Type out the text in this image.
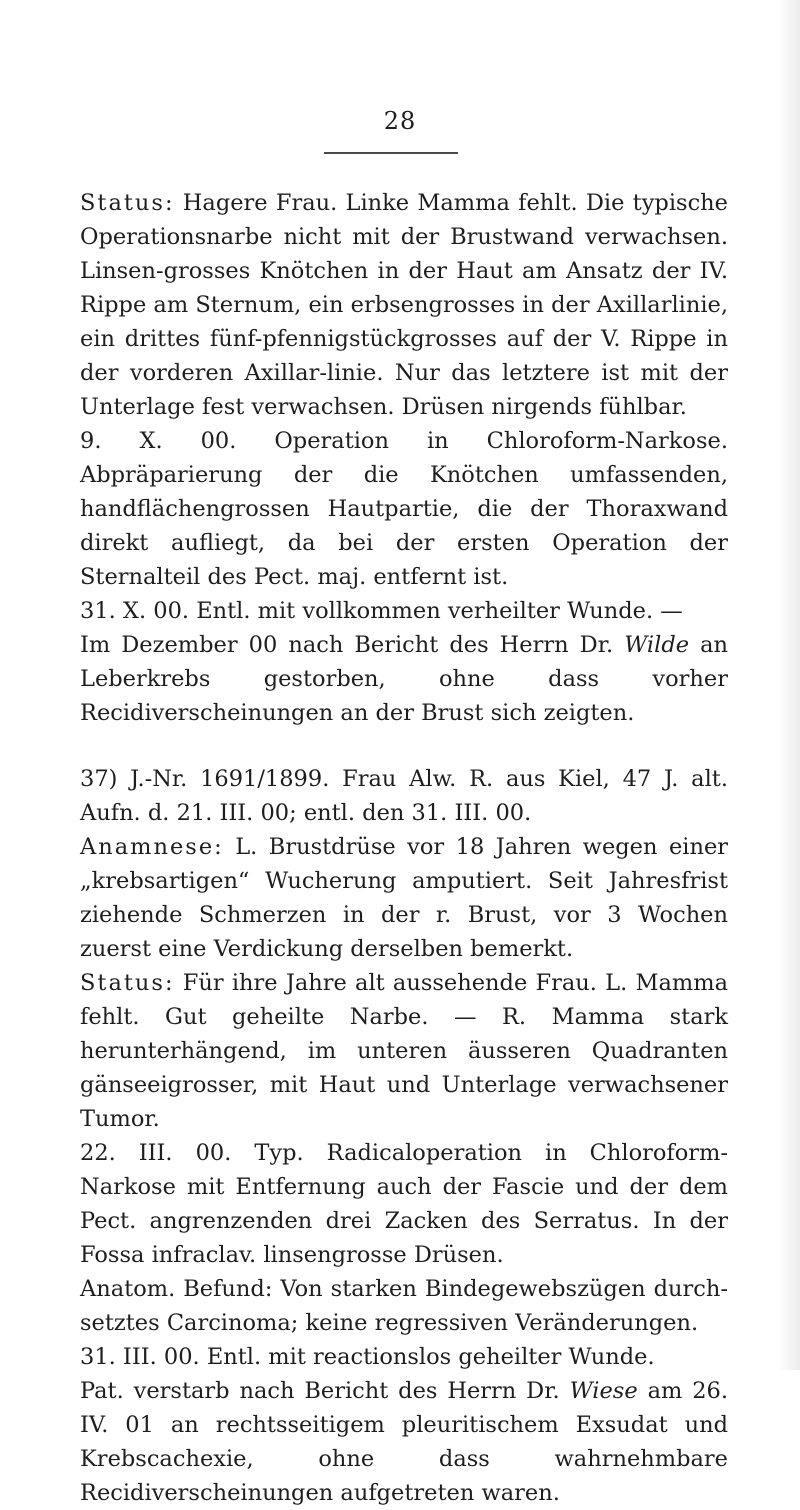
28

Status: Hagere Frau. Linke Mamma fehlt. Die typische Operationsnarbe nicht mit der Brustwand verwachsen. Linsen-grosses Knötchen in der Haut am Ansatz der IV. Rippe am Sternum, ein erbsengrosses in der Axillarlinie, ein drittes fünf-pfennigstückgrosses auf der V. Rippe in der vorderen Axillar-linie. Nur das letztere ist mit der Unterlage fest verwachsen. Drüsen nirgends fühlbar.

9. X. 00. Operation in Chloroform-Narkose. Abpräparierung der die Knötchen umfassenden, handflächengrossen Hautpartie, die der Thoraxwand direkt aufliegt, da bei der ersten Operation der Sternalteil des Pect. maj. entfernt ist.

31. X. 00. Entl. mit vollkommen verheilter Wunde. —

Im Dezember 00 nach Bericht des Herrn Dr. Wilde an Leberkrebs gestorben, ohne dass vorher Recidiverscheinungen an der Brust sich zeigten.

37) J.-Nr. 1691/1899. Frau Alw. R. aus Kiel, 47 J. alt. Aufn. d. 21. III. 00; entl. den 31. III. 00.

Anamnese: L. Brustdrüse vor 18 Jahren wegen einer „krebsartigen“ Wucherung amputiert. Seit Jahresfrist ziehende Schmerzen in der r. Brust, vor 3 Wochen zuerst eine Verdickung derselben bemerkt.

Status: Für ihre Jahre alt aussehende Frau. L. Mamma fehlt. Gut geheilte Narbe. — R. Mamma stark herunterhängend, im unteren äusseren Quadranten gänseeigrosser, mit Haut und Unterlage verwachsener Tumor.

22. III. 00. Typ. Radicaloperation in Chloroform-Narkose mit Entfernung auch der Fascie und der dem Pect. angrenzenden drei Zacken des Serratus. In der Fossa infraclav. linsengrosse Drüsen.

Anatom. Befund: Von starken Bindegewebszügen durch-setztes Carcinoma; keine regressiven Veränderungen.

31. III. 00. Entl. mit reactionslos geheilter Wunde.

Pat. verstarb nach Bericht des Herrn Dr. Wiese am 26. IV. 01 an rechtsseitigem pleuritischem Exsudat und Krebscachexie, ohne dass wahrnehmbare Recidiverscheinungen aufgetreten waren.
